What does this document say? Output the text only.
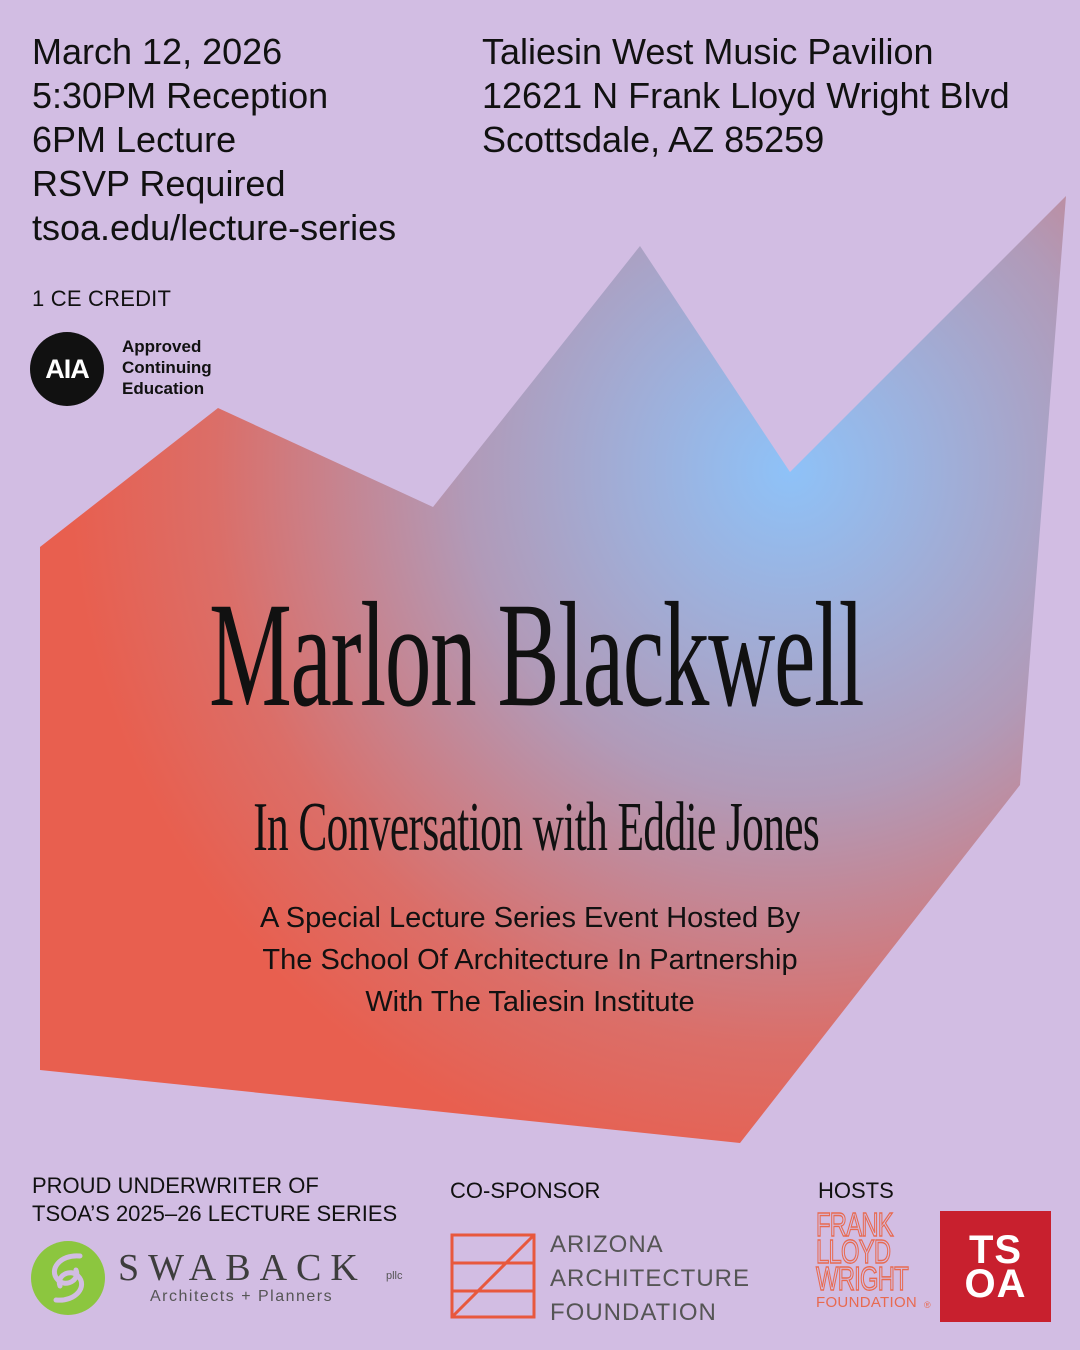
March 12, 2026
5:30PM Reception
6PM Lecture
RSVP Required
tsoa.edu/lecture-series
Taliesin West Music Pavilion
12621 N Frank Lloyd Wright Blvd
Scottsdale, AZ 85259
1 CE CREDIT
AIA
Approved
Continuing
Education
Marlon Blackwell
In Conversation with Eddie Jones
A Special Lecture Series Event Hosted By
The School Of Architecture In Partnership
With The Taliesin Institute
PROUD UNDERWRITER OF
TSOA’S 2025–26 LECTURE SERIES
CO-SPONSOR	HOSTS
SWABACK pllc
Architects + Planners
ARIZONA
ARCHITECTURE
FOUNDATION
FRANK
LLOYD
WRIGHT
FOUNDATION ®
TS
OA
